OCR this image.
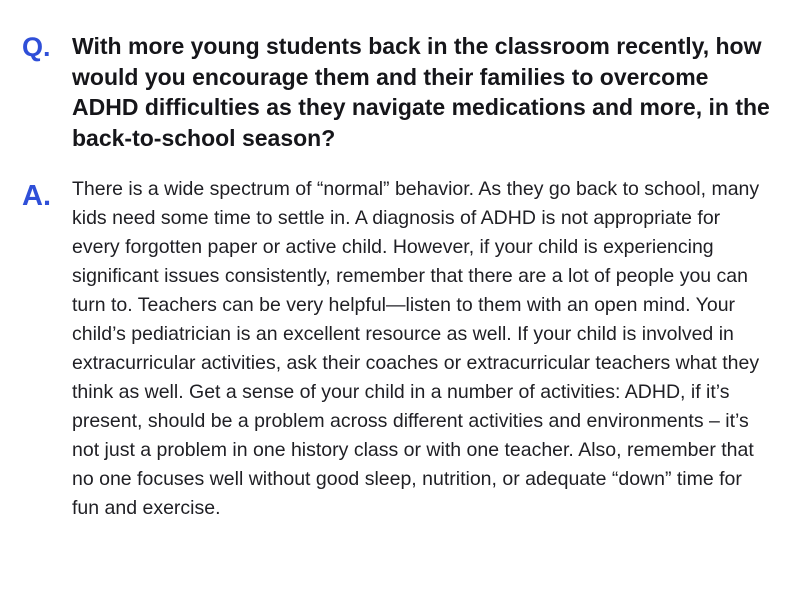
Q. With more young students back in the classroom recently, how would you encourage them and their families to overcome ADHD difficulties as they navigate medications and more, in the back-to-school season?
A. There is a wide spectrum of “normal” behavior. As they go back to school, many kids need some time to settle in. A diagnosis of ADHD is not appropriate for every forgotten paper or active child. However, if your child is experiencing significant issues consistently, remember that there are a lot of people you can turn to. Teachers can be very helpful—listen to them with an open mind. Your child’s pediatrician is an excellent resource as well. If your child is involved in extracurricular activities, ask their coaches or extracurricular teachers what they think as well. Get a sense of your child in a number of activities: ADHD, if it’s present, should be a problem across different activities and environments – it’s not just a problem in one history class or with one teacher. Also, remember that no one focuses well without good sleep, nutrition, or adequate “down” time for fun and exercise.
